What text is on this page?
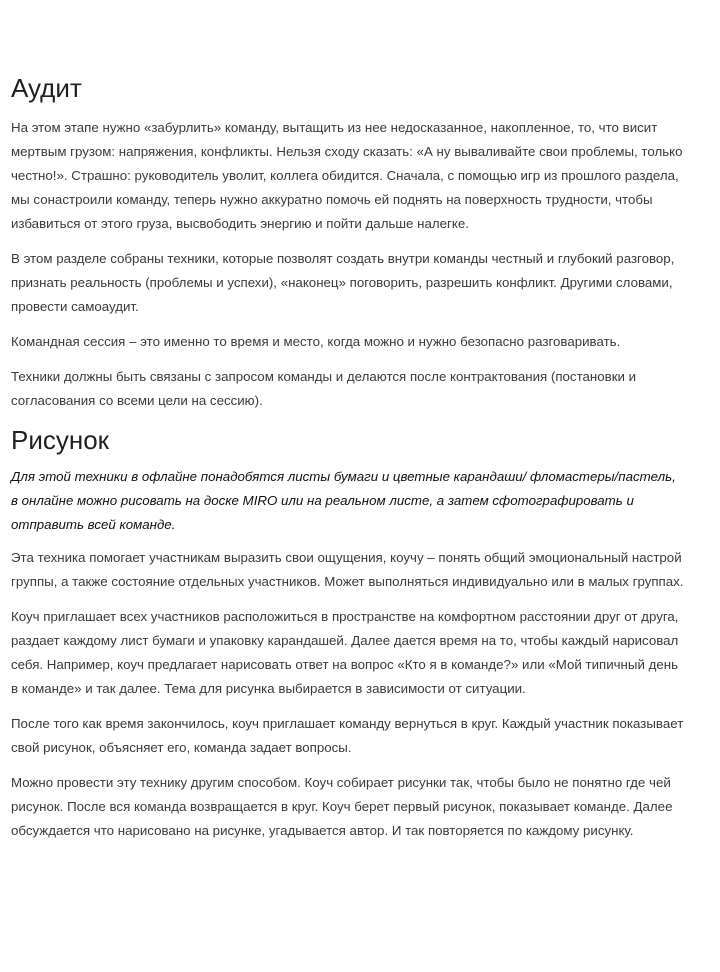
Аудит

На этом этапе нужно «забурлить» команду, вытащить из нее недосказанное, накопленное, то, что висит мертвым грузом: напряжения, конфликты. Нельзя сходу сказать: «А ну вываливайте свои проблемы, только честно!». Страшно: руководитель уволит, коллега обидится. Сначала, с помощью игр из прошлого раздела, мы сонастроили команду, теперь нужно аккуратно помочь ей поднять на поверхность трудности, чтобы избавиться от этого груза, высвободить энергию и пойти дальше налегке.

В этом разделе собраны техники, которые позволят создать внутри команды честный и глубокий разговор, признать реальность (проблемы и успехи), «наконец» поговорить, разрешить конфликт. Другими словами, провести самоаудит.

Командная сессия – это именно то время и место, когда можно и нужно безопасно разговаривать.

Техники должны быть связаны с запросом команды и делаются после контрактования (постановки и согласования со всеми цели на сессию).

Рисунок

Для этой техники в офлайне понадобятся листы бумаги и цветные карандаши/ фломастеры/пастель, в онлайне можно рисовать на доске MIRO или на реальном листе, а затем сфотографировать и отправить всей команде.

Эта техника помогает участникам выразить свои ощущения, коучу – понять общий эмоциональный настрой группы, а также состояние отдельных участников. Может выполняться индивидуально или в малых группах.

Коуч приглашает всех участников расположиться в пространстве на комфортном расстоянии друг от друга, раздает каждому лист бумаги и упаковку карандашей. Далее дается время на то, чтобы каждый нарисовал себя. Например, коуч предлагает нарисовать ответ на вопрос «Кто я в команде?» или «Мой типичный день в команде» и так далее. Тема для рисунка выбирается в зависимости от ситуации.

После того как время закончилось, коуч приглашает команду вернуться в круг. Каждый участник показывает свой рисунок, объясняет его, команда задает вопросы.

Можно провести эту технику другим способом. Коуч собирает рисунки так, чтобы было не понятно где чей рисунок. После вся команда возвращается в круг. Коуч берет первый рисунок, показывает команде. Далее обсуждается что нарисовано на рисунке, угадывается автор. И так повторяется по каждому рисунку.
